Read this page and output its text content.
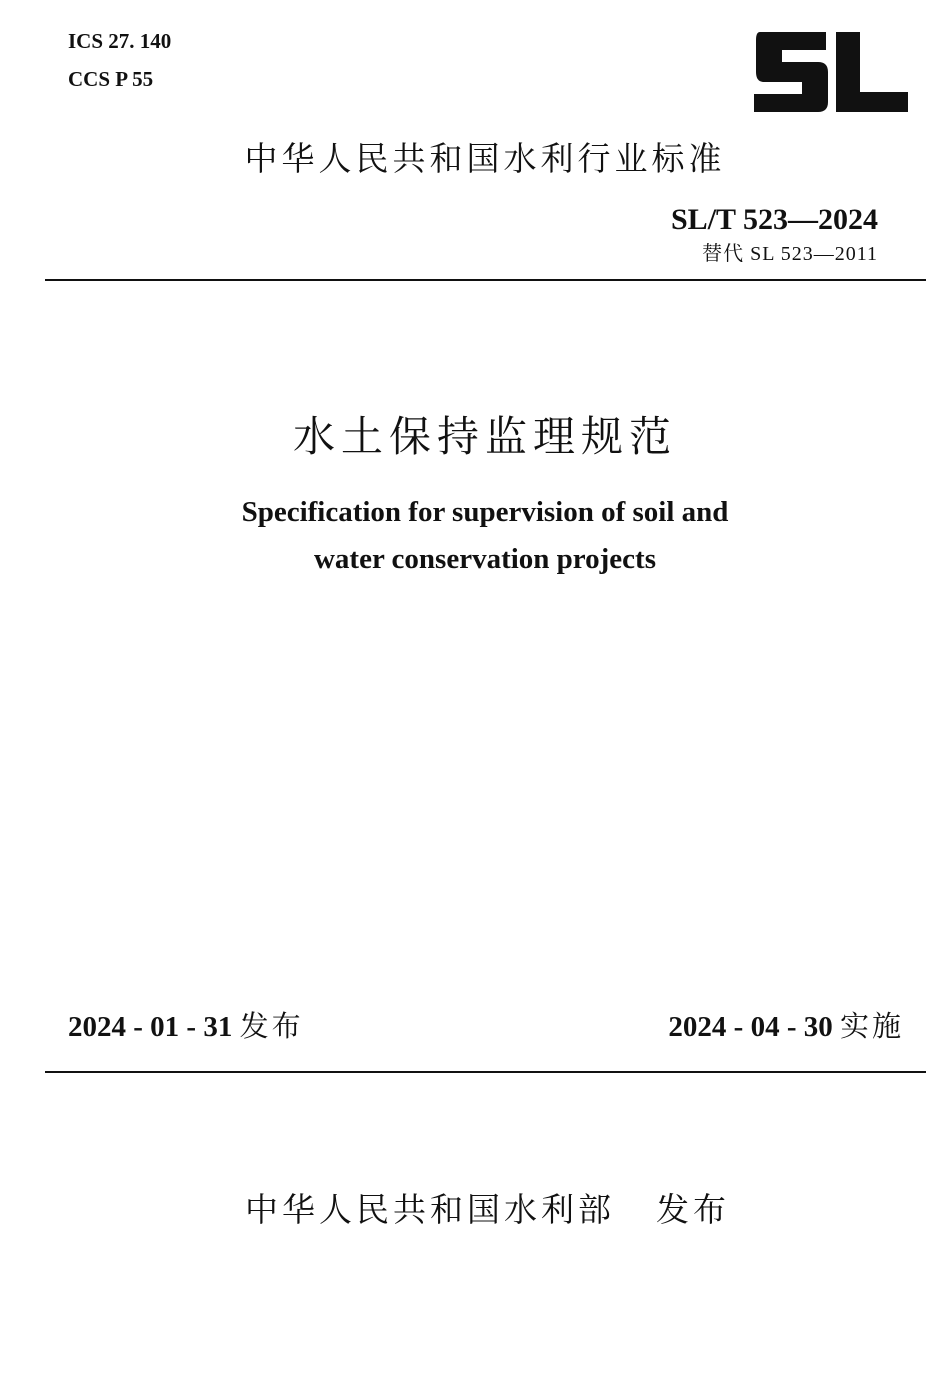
ICS 27. 140
CCS P 55
中华人民共和国水利行业标准
SL/T 523—2024
替代 SL 523—2011
水土保持监理规范
Specification for supervision of soil and
water conservation projects
2024 - 01 - 31 发布	2024 - 04 - 30 实施
中华人民共和国水利部 发布
